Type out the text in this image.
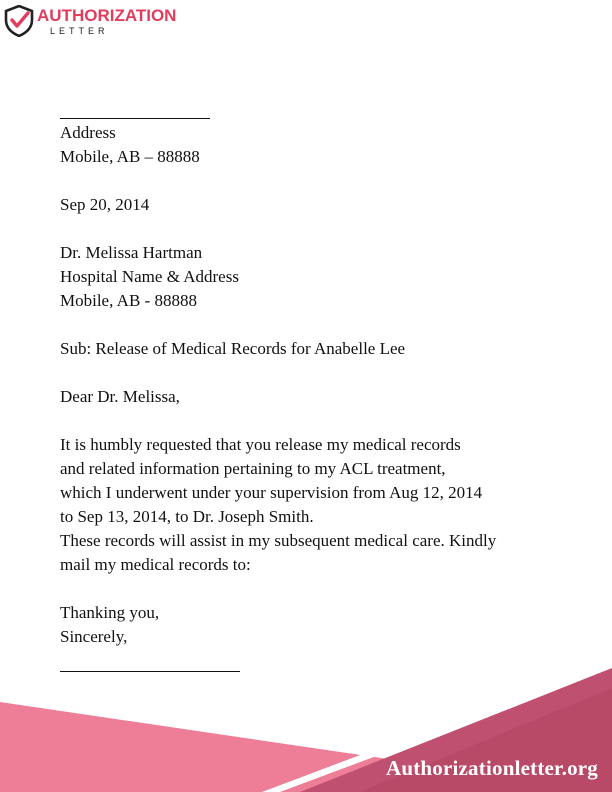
AUTHORIZATION
LETTER

Address

Mobile, AB – 88888

Sep 20, 2014

Dr. Melissa Hartman

Hospital Name & Address

Mobile, AB - 88888

Sub: Release of Medical Records for Anabelle Lee

Dear Dr. Melissa,

It is humbly requested that you release my medical records

and related information pertaining to my ACL treatment,

which I underwent under your supervision from Aug 12, 2014

to Sep 13, 2014, to Dr. Joseph Smith.

These records will assist in my subsequent medical care. Kindly

mail my medical records to:

Thanking you,

Sincerely,

Authorizationletter.org
